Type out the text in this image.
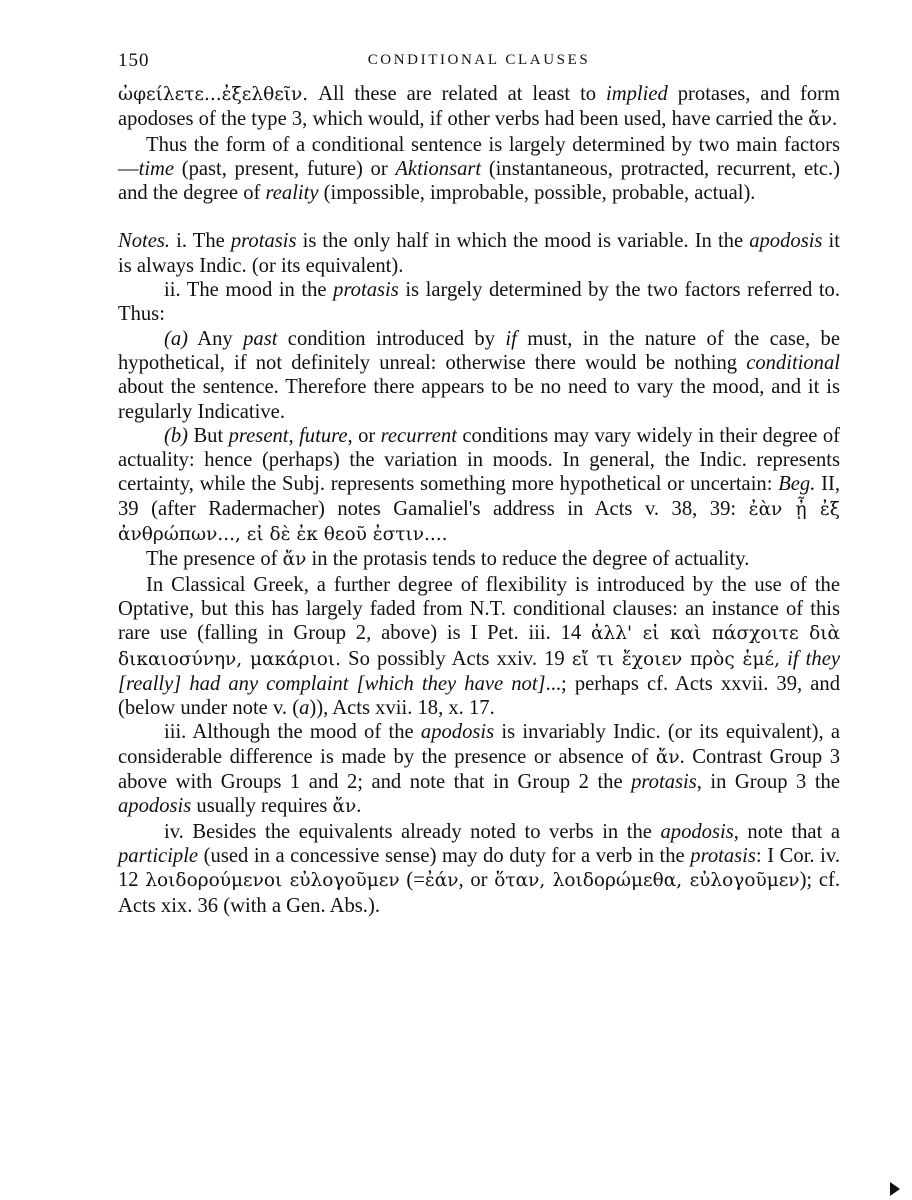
150	CONDITIONAL CLAUSES

ὠφείλετε...ἐξελθεῖν. All these are related at least to implied protases, and form apodoses of the type 3, which would, if other verbs had been used, have carried the ἄν.

Thus the form of a conditional sentence is largely determined by two main factors—time (past, present, future) or Aktionsart (instantaneous, protracted, recurrent, etc.) and the degree of reality (impossible, improbable, possible, probable, actual).

Notes. i. The protasis is the only half in which the mood is variable. In the apodosis it is always Indic. (or its equivalent).

ii. The mood in the protasis is largely determined by the two factors referred to. Thus:

(a) Any past condition introduced by if must, in the nature of the case, be hypothetical, if not definitely unreal: otherwise there would be nothing conditional about the sentence. Therefore there appears to be no need to vary the mood, and it is regularly Indicative.

(b) But present, future, or recurrent conditions may vary widely in their degree of actuality: hence (perhaps) the variation in moods. In general, the Indic. represents certainty, while the Subj. represents something more hypothetical or uncertain: Beg. II, 39 (after Radermacher) notes Gamaliel's address in Acts v. 38, 39: ἐὰν ᾖ ἐξ ἀνθρώπων..., εἰ δὲ ἐκ θεοῦ ἐστιν....

The presence of ἄν in the protasis tends to reduce the degree of actuality.

In Classical Greek, a further degree of flexibility is introduced by the use of the Optative, but this has largely faded from N.T. conditional clauses: an instance of this rare use (falling in Group 2, above) is I Pet. iii. 14 ἀλλ' εἰ καὶ πάσχοιτε διὰ δικαιοσύνην, μακάριοι. So possibly Acts xxiv. 19 εἴ τι ἔχοιεν πρὸς ἐμέ, if they [really] had any complaint [which they have not]...; perhaps cf. Acts xxvii. 39, and (below under note v. (a)), Acts xvii. 18, x. 17.

iii. Although the mood of the apodosis is invariably Indic. (or its equivalent), a considerable difference is made by the presence or absence of ἄν. Contrast Group 3 above with Groups 1 and 2; and note that in Group 2 the protasis, in Group 3 the apodosis usually requires ἄν.

iv. Besides the equivalents already noted to verbs in the apodosis, note that a participle (used in a concessive sense) may do duty for a verb in the protasis: I Cor. iv. 12 λοιδορούμενοι εὐλογοῦμεν (=ἐάν, or ὅταν, λοιδορώμεθα, εὐλογοῦμεν); cf. Acts xix. 36 (with a Gen. Abs.).
